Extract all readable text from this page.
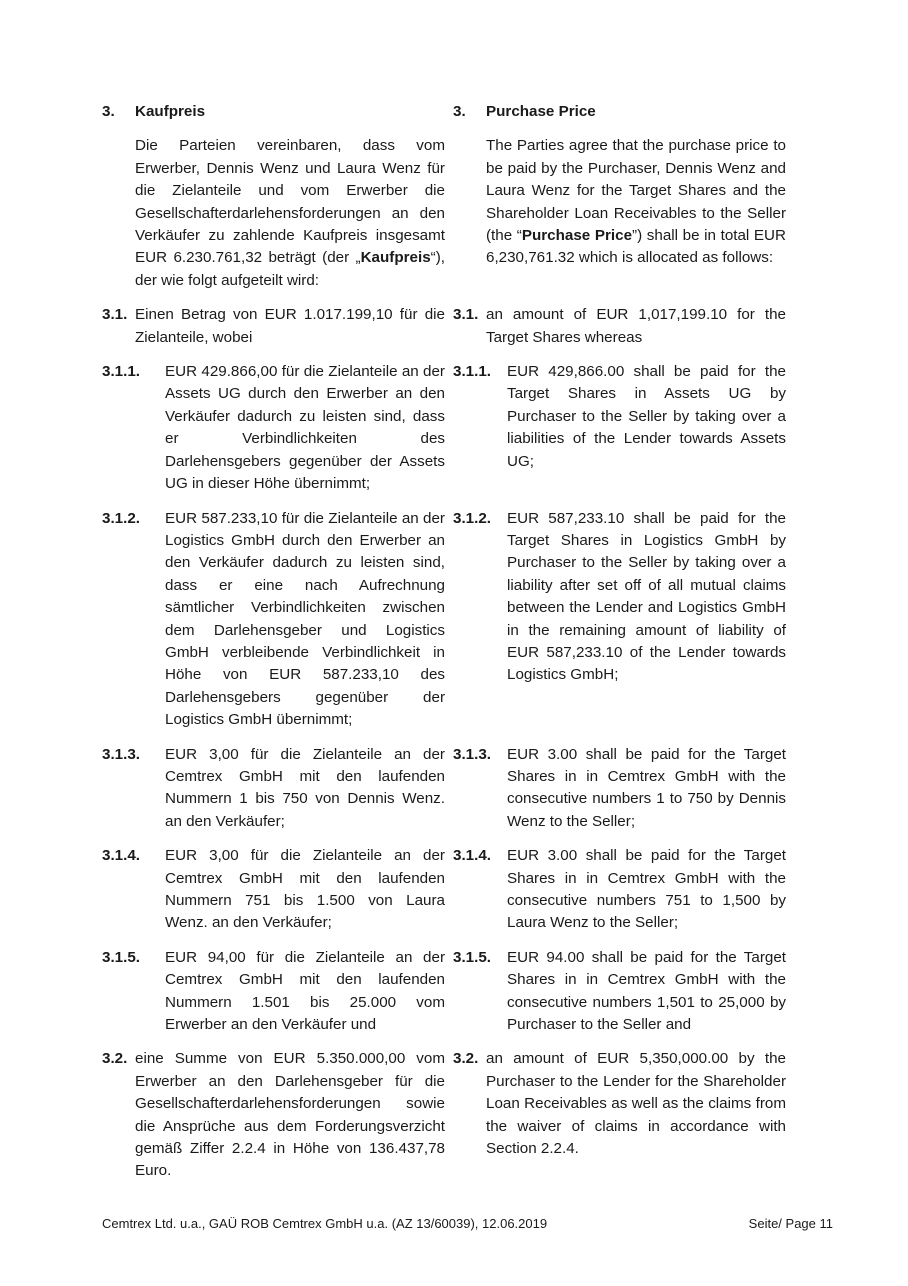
3. Kaufpreis	3. Purchase Price

Die Parteien vereinbaren, dass vom Erwerber, Dennis Wenz und Laura Wenz für die Zielanteile und vom Erwerber die Gesellschafterdarlehensforderungen an den Verkäufer zu zahlende Kaufpreis insgesamt EUR 6.230.761,32 beträgt (der „Kaufpreis“), der wie folgt aufgeteilt wird:

The Parties agree that the purchase price to be paid by the Purchaser, Dennis Wenz and Laura Wenz for the Target Shares and the Shareholder Loan Receivables to the Seller (the “Purchase Price”) shall be in total EUR 6,230,761.32 which is allocated as follows:

3.1. Einen Betrag von EUR 1.017.199,10 für die Zielanteile, wobei

3.1. an amount of EUR 1,017,199.10 for the Target Shares whereas

3.1.1. EUR 429.866,00 für die Zielanteile an der Assets UG durch den Erwerber an den Verkäufer dadurch zu leisten sind, dass er Verbindlichkeiten des Darlehensgebers gegenüber der Assets UG in dieser Höhe übernimmt;

3.1.1. EUR 429,866.00 shall be paid for the Target Shares in Assets UG by Purchaser to the Seller by taking over a liabilities of the Lender towards Assets UG;

3.1.2. EUR 587.233,10 für die Zielanteile an der Logistics GmbH durch den Erwerber an den Verkäufer dadurch zu leisten sind, dass er eine nach Aufrechnung sämtlicher Verbindlichkeiten zwischen dem Darlehensgeber und Logistics GmbH verbleibende Verbindlichkeit in Höhe von EUR 587.233,10 des Darlehensgebers gegenüber der Logistics GmbH übernimmt;

3.1.2. EUR 587,233.10 shall be paid for the Target Shares in Logistics GmbH by Purchaser to the Seller by taking over a liability after set off of all mutual claims between the Lender and Logistics GmbH in the remaining amount of liability of EUR 587,233.10 of the Lender towards Logistics GmbH;

3.1.3. EUR 3,00 für die Zielanteile an der Cemtrex GmbH mit den laufenden Nummern 1 bis 750 von Dennis Wenz. an den Verkäufer;

3.1.3. EUR 3.00 shall be paid for the Target Shares in in Cemtrex GmbH with the consecutive numbers 1 to 750 by Dennis Wenz to the Seller;

3.1.4. EUR 3,00 für die Zielanteile an der Cemtrex GmbH mit den laufenden Nummern 751 bis 1.500 von Laura Wenz. an den Verkäufer;

3.1.4. EUR 3.00 shall be paid for the Target Shares in in Cemtrex GmbH with the consecutive numbers 751 to 1,500 by Laura Wenz to the Seller;

3.1.5. EUR 94,00 für die Zielanteile an der Cemtrex GmbH mit den laufenden Nummern 1.501 bis 25.000 vom Erwerber an den Verkäufer und

3.1.5. EUR 94.00 shall be paid for the Target Shares in in Cemtrex GmbH with the consecutive numbers 1,501 to 25,000 by Purchaser to the Seller and

3.2. eine Summe von EUR 5.350.000,00 vom Erwerber an den Darlehensgeber für die Gesellschafterdarlehensforderungen sowie die Ansprüche aus dem Forderungsverzicht gemäß Ziffer 2.2.4 in Höhe von 136.437,78 Euro.

3.2. an amount of EUR 5,350,000.00 by the Purchaser to the Lender for the Shareholder Loan Receivables as well as the claims from the waiver of claims in accordance with Section 2.2.4.

Cemtrex Ltd. u.a., GAÜ ROB Cemtrex GmbH u.a. (AZ 13/60039), 12.06.2019	Seite/ Page 11
